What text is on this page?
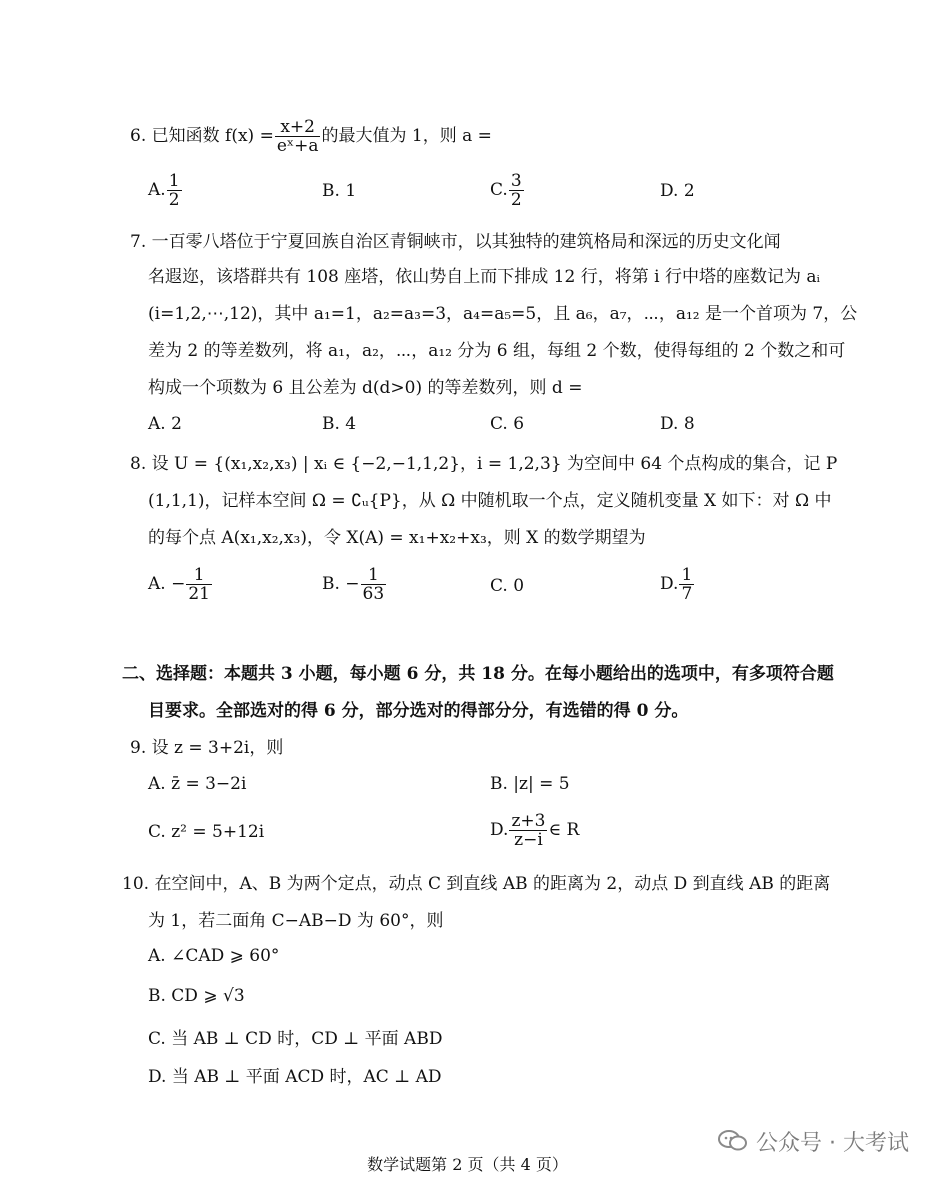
6. 已知函数 $f(x) = \frac{x+2}{\text{eˣ+a}}$ 的最大值为 1，则 a =
A. $\frac{1}{2}$	B. 1	C. $\frac{3}{2}$	D. 2
7. 一百零八塔位于宁夏回族自治区青铜峡市，以其独特的建筑格局和深远的历史文化闻
名遐迩，该塔群共有 108 座塔，依山势自上而下排成 12 行，将第 i 行中塔的座数记为 aᵢ
(i=1,2,⋯,12)，其中 a₁=1，a₂=a₃=3，a₄=a₅=5，且 a₆，a₇，⋯，a₁₂ 是一个首项为 7，公
差为 2 的等差数列，将 a₁，a₂，⋯，a₁₂ 分为 6 组，每组 2 个数，使得每组的 2 个数之和可
构成一个项数为 6 且公差为 d(d>0) 的等差数列，则 d =
A. 2	B. 4	C. 6	D. 8
8. 设 U = {(x₁,x₂,x₃) | xᵢ ∈ {−2,−1,1,2}，i = 1,2,3} 为空间中 64 个点构成的集合，记 P
(1,1,1)，记样本空间 Ω = ∁ᵤ{P}，从 Ω 中随机取一个点，定义随机变量 X 如下：对 Ω 中
的每个点 A(x₁,x₂,x₃)，令 X(A) = x₁+x₂+x₃，则 X 的数学期望为
A. − $\frac{1}{21}$	B. − $\frac{1}{63}$	C. 0	D. $\frac{1}{7}$
二、选择题：本题共 3 小题，每小题 6 分，共 18 分。在每小题给出的选项中，有多项符合题
目要求。全部选对的得 6 分，部分选对的得部分分，有选错的得 0 分。
9. 设 z = 3+2i，则
A. z̄ = 3−2i	B. |z| = 5
C. z² = 5+12i	D. $\frac{z+3}{z-i}$ ∈ R
10. 在空间中，A、B 为两个定点，动点 C 到直线 AB 的距离为 2，动点 D 到直线 AB 的距离
为 1，若二面角 C−AB−D 为 60°，则
A. ∠CAD ⩾ 60°
B. CD ⩾ √3
C. 当 AB ⊥ CD 时，CD ⊥ 平面 ABD
D. 当 AB ⊥ 平面 ACD 时，AC ⊥ AD
公众号 · 大考试
数学试题第 2 页（共 4 页）
